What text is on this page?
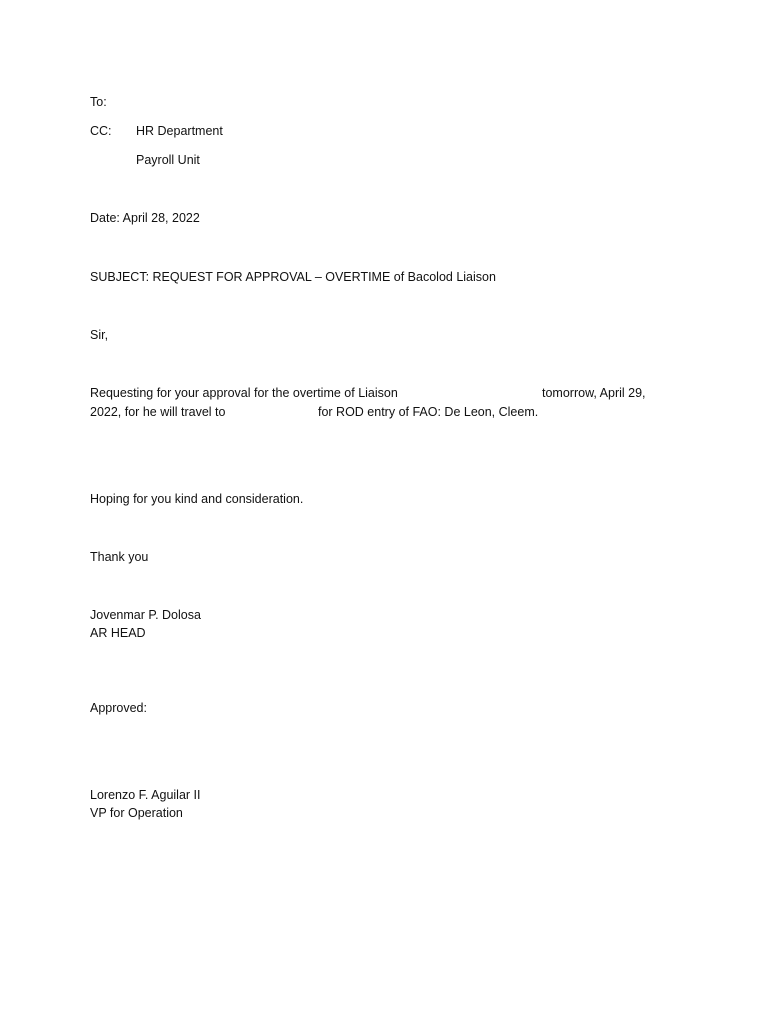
To:
CC: HR Department
Payroll Unit
Date: April 28, 2022
SUBJECT: REQUEST FOR APPROVAL – OVERTIME of Bacolod Liaison
Sir,
Requesting for your approval for the overtime of Liaison	tomorrow, April 29,
2022, for he will travel to	for ROD entry of FAO: De Leon, Cleem.
Hoping for you kind and consideration.
Thank you
Jovenmar P. Dolosa
AR HEAD
Approved:
Lorenzo F. Aguilar II
VP for Operation
